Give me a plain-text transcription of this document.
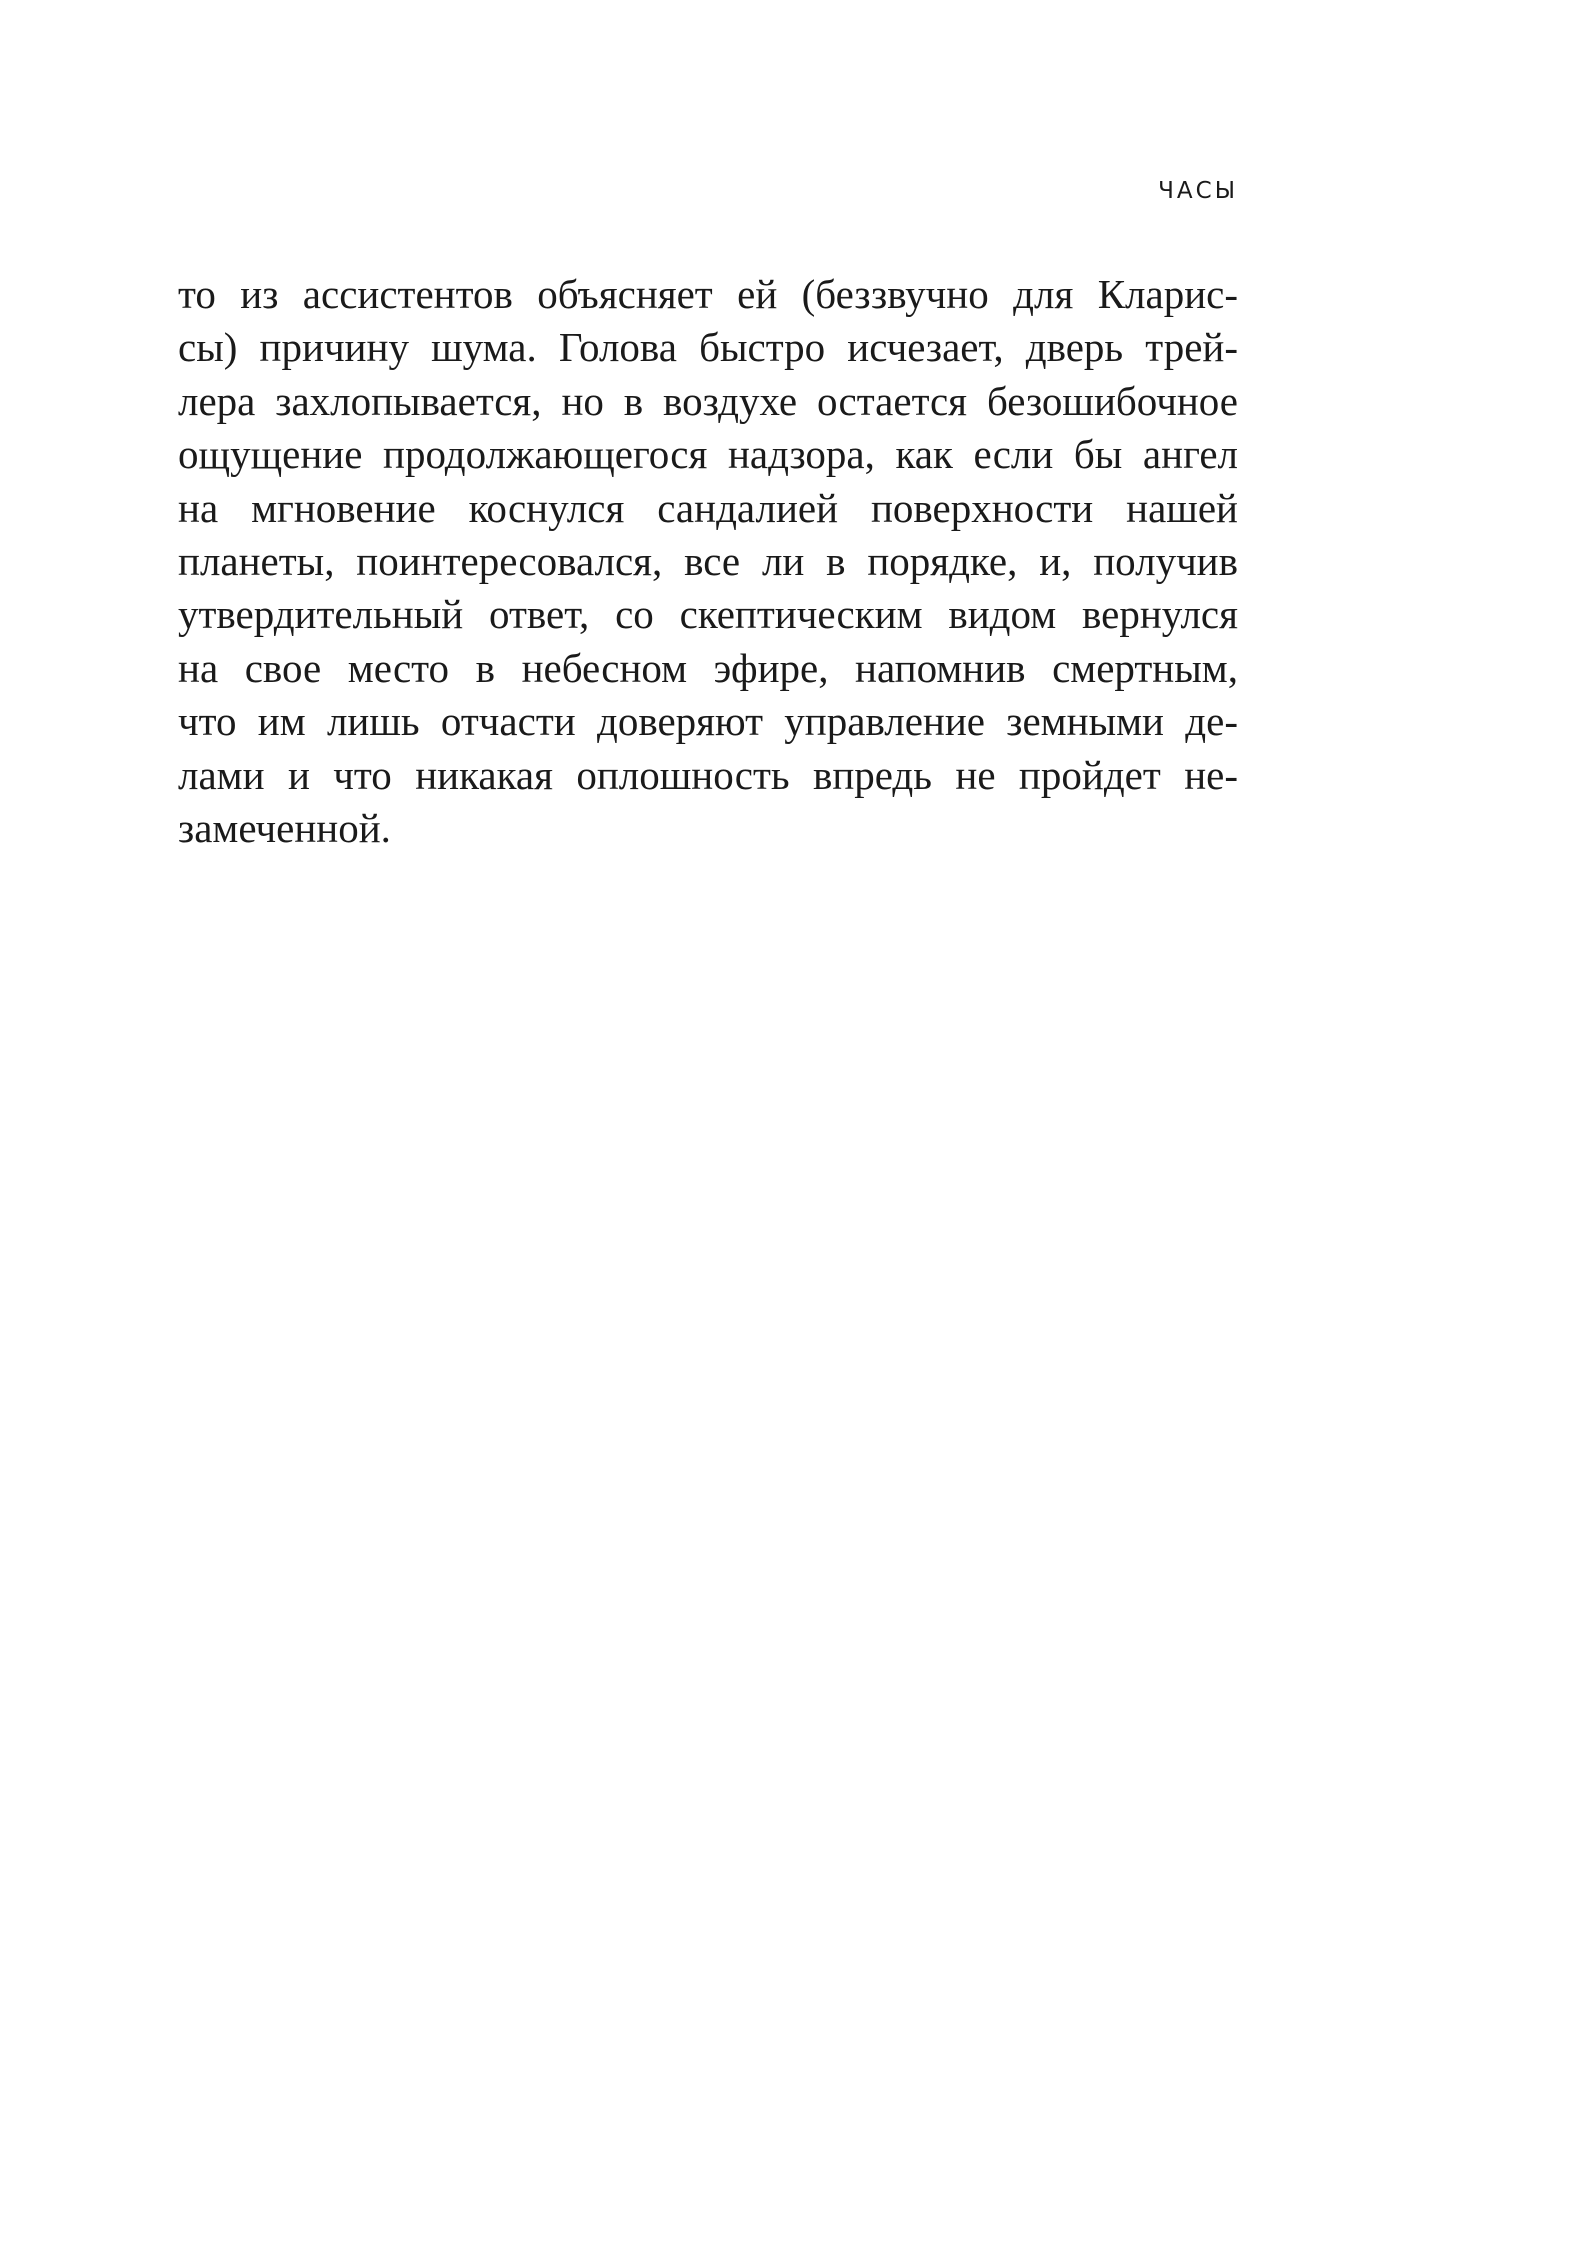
ЧАСЫ
то из ассистентов объясняет ей (беззвучно для Кларис-
сы) причину шума. Голова быстро исчезает, дверь трей-
лера захлопывается, но в воздухе остается безошибочное
ощущение продолжающегося надзора, как если бы ангел
на мгновение коснулся сандалией поверхности нашей
планеты, поинтересовался, все ли в порядке, и, получив
утвердительный ответ, со скептическим видом вернулся
на свое место в небесном эфире, напомнив смертным,
что им лишь отчасти доверяют управление земными де-
лами и что никакая оплошность впредь не пройдет не-
замеченной.
